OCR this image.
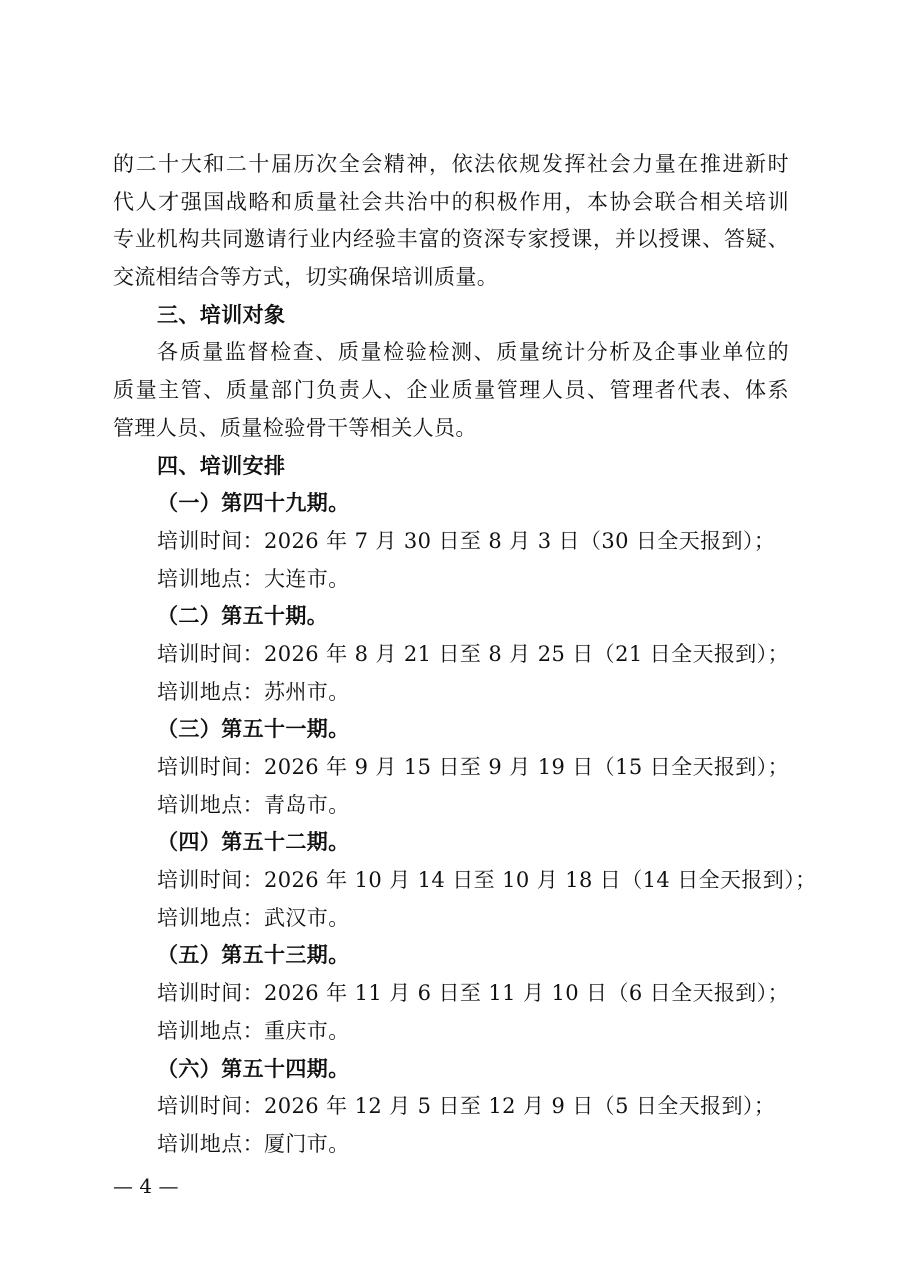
的二十大和二十届历次全会精神，依法依规发挥社会力量在推进新时
代人才强国战略和质量社会共治中的积极作用，本协会联合相关培训
专业机构共同邀请行业内经验丰富的资深专家授课，并以授课、答疑、
交流相结合等方式，切实确保培训质量。
三、培训对象
各质量监督检查、质量检验检测、质量统计分析及企事业单位的
质量主管、质量部门负责人、企业质量管理人员、管理者代表、体系
管理人员、质量检验骨干等相关人员。
四、培训安排
（一）第四十九期。
培训时间：2026 年 7 月 30 日至 8 月 3 日（30 日全天报到）；
培训地点：大连市。
（二）第五十期。
培训时间：2026 年 8 月 21 日至 8 月 25 日（21 日全天报到）；
培训地点：苏州市。
（三）第五十一期。
培训时间：2026 年 9 月 15 日至 9 月 19 日（15 日全天报到）；
培训地点：青岛市。
（四）第五十二期。
培训时间：2026 年 10 月 14 日至 10 月 18 日（14 日全天报到）；
培训地点：武汉市。
（五）第五十三期。
培训时间：2026 年 11 月 6 日至 11 月 10 日（6 日全天报到）；
培训地点：重庆市。
（六）第五十四期。
培训时间：2026 年 12 月 5 日至 12 月 9 日（5 日全天报到）；
培训地点：厦门市。
— 4 —
